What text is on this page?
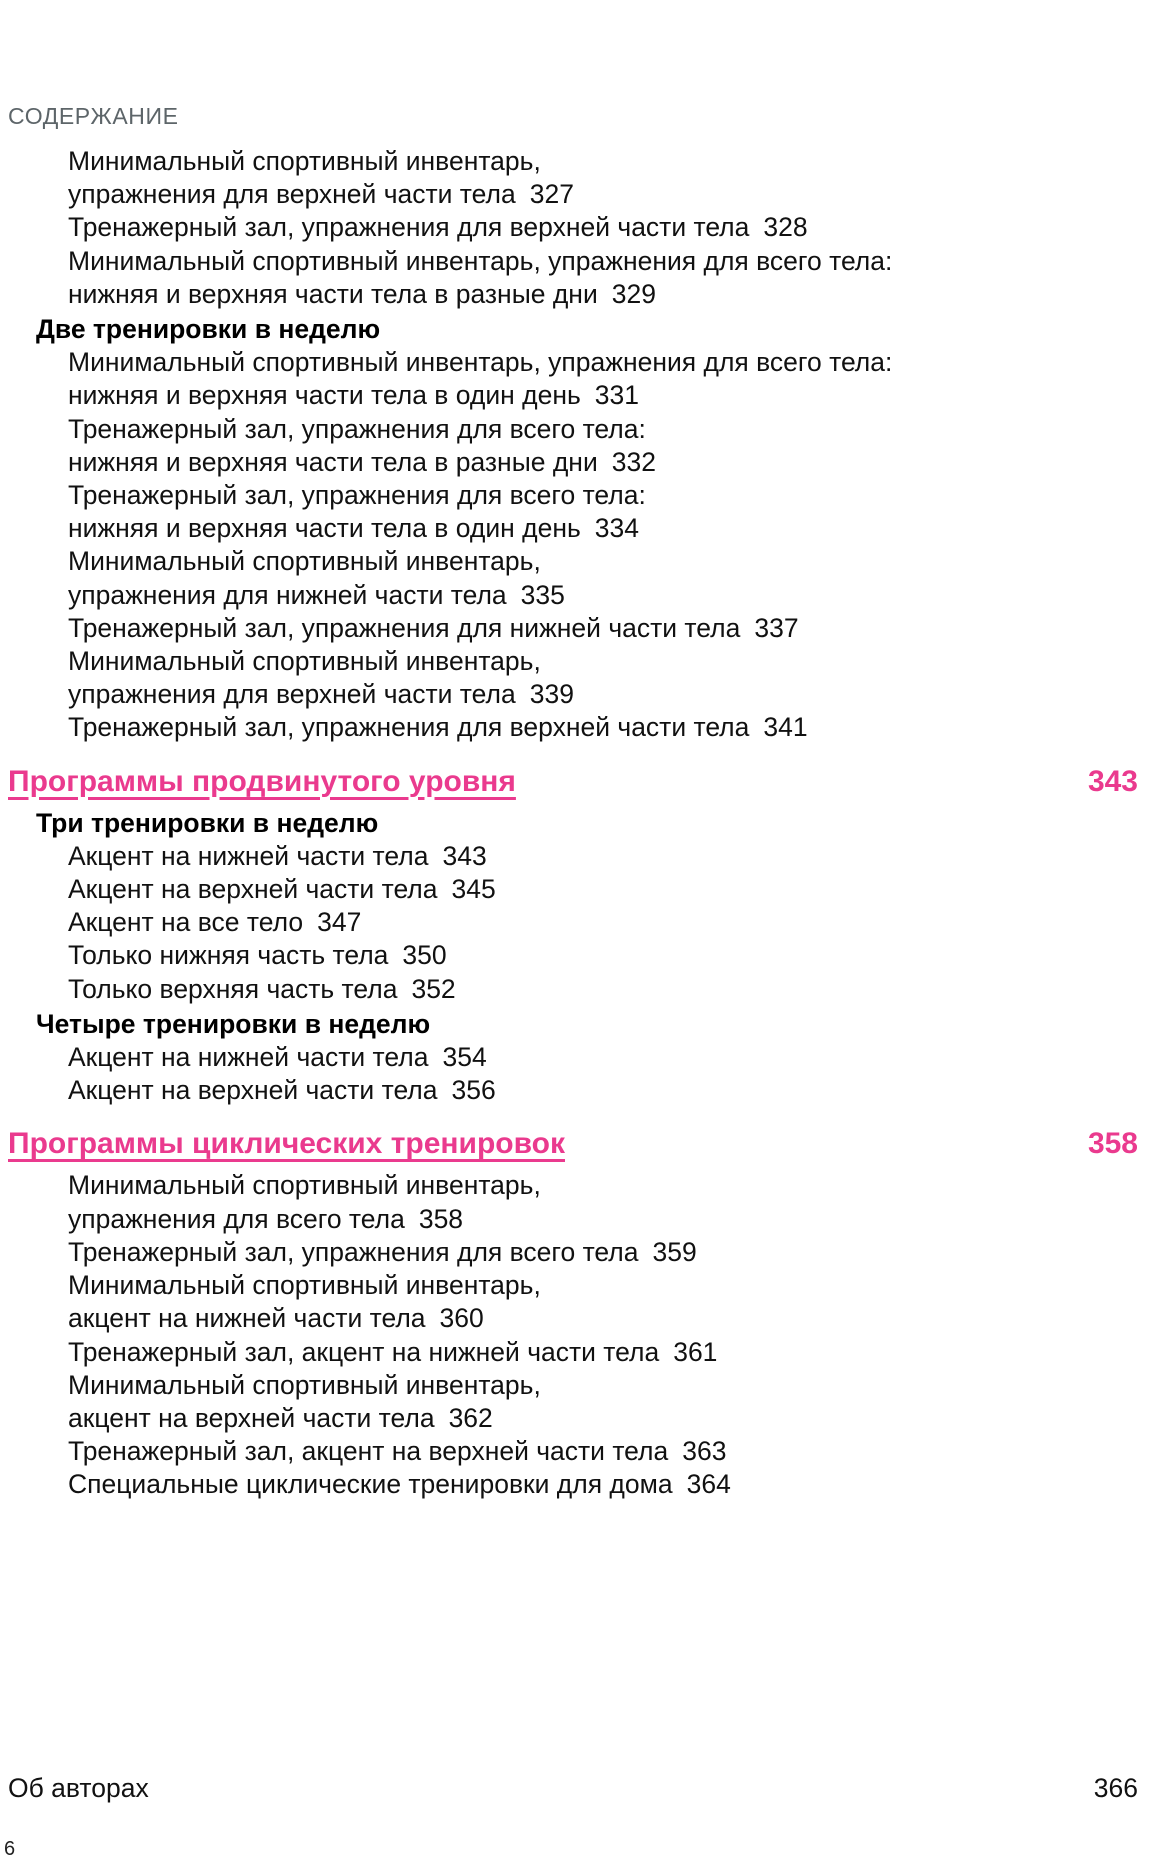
СОДЕРЖАНИЕ
Минимальный спортивный инвентарь,
упражнения для верхней части тела 327
Тренажерный зал, упражнения для верхней части тела 328
Минимальный спортивный инвентарь, упражнения для всего тела:
нижняя и верхняя части тела в разные дни 329
Две тренировки в неделю
Минимальный спортивный инвентарь, упражнения для всего тела:
нижняя и верхняя части тела в один день 331
Тренажерный зал, упражнения для всего тела:
нижняя и верхняя части тела в разные дни 332
Тренажерный зал, упражнения для всего тела:
нижняя и верхняя части тела в один день 334
Минимальный спортивный инвентарь,
упражнения для нижней части тела 335
Тренажерный зал, упражнения для нижней части тела 337
Минимальный спортивный инвентарь,
упражнения для верхней части тела 339
Тренажерный зал, упражнения для верхней части тела 341
Программы продвинутого уровня	343
Три тренировки в неделю
Акцент на нижней части тела 343
Акцент на верхней части тела 345
Акцент на все тело 347
Только нижняя часть тела 350
Только верхняя часть тела 352
Четыре тренировки в неделю
Акцент на нижней части тела 354
Акцент на верхней части тела 356
Программы циклических тренировок	358
Минимальный спортивный инвентарь,
упражнения для всего тела 358
Тренажерный зал, упражнения для всего тела 359
Минимальный спортивный инвентарь,
акцент на нижней части тела 360
Тренажерный зал, акцент на нижней части тела 361
Минимальный спортивный инвентарь,
акцент на верхней части тела 362
Тренажерный зал, акцент на верхней части тела 363
Специальные циклические тренировки для дома 364
Об авторах	366
6
